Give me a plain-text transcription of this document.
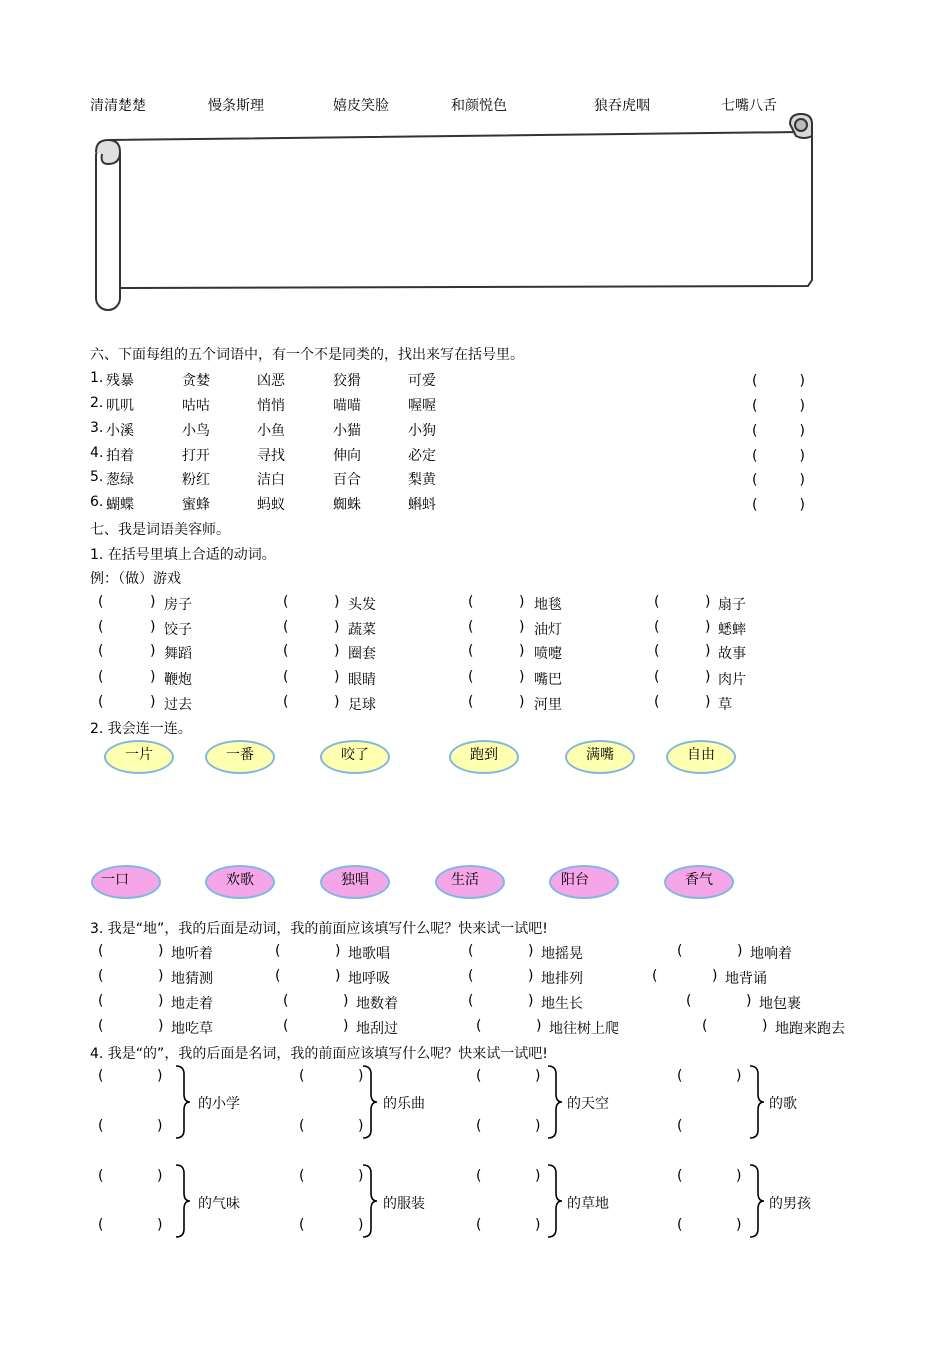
清清楚楚	慢条斯理	嬉皮笑脸	和颜悦色	狼吞虎咽	七嘴八舌
六、下面每组的五个词语中，有一个不是同类的，找出来写在括号里。
1. 残暴	贪婪	凶恶	狡猾	可爱	(　　　)
2. 叽叽	咕咕	悄悄	喵喵	喔喔	(　　　)
3. 小溪	小鸟	小鱼	小猫	小狗	(　　　)
4. 拍着	打开	寻找	伸向	必定	(　　　)
5. 葱绿	粉红	洁白	百合	梨黄	(　　　)
6. 蝴蝶	蜜蜂	蚂蚁	蜘蛛	蝌蚪	(　　　)
七、我是词语美容师。
1. 在括号里填上合适的动词。
例：（做）游戏
(	) 房子	(	) 头发	(	) 地毯	(	) 扇子
(	) 饺子	(	) 蔬菜	(	) 油灯	(	) 蟋蟀
(	) 舞蹈	(	) 圈套	(	) 喷嚏	(	) 故事
(	) 鞭炮	(	) 眼睛	(	) 嘴巴	(	) 肉片
(	) 过去	(	) 足球	(	) 河里	(	) 草
2. 我会连一连。
一片	一番	咬了	跑到	满嘴	自由
一口	欢歌	独唱	生活	阳台	香气
3. 我是“地”，我的后面是动词，我的前面应该填写什么呢？快来试一试吧!
(	) 地听着	(	) 地歌唱	(	) 地摇晃	(	) 地响着
(	) 地猜测	(	) 地呼吸	(	) 地排列	(	) 地背诵
(	) 地走着	(	) 地数着	(	) 地生长	(	) 地包裹
(	) 地吃草	(	) 地刮过	(	) 地往树上爬	(	) 地跑来跑去
4. 我是“的”，我的后面是名词，我的前面应该填写什么呢？快来试一试吧!
(	)
(	)
的小学
(	)
(	)
的乐曲
(	)
(	)
的天空
(	)
(
的歌
(	)
(	)
的气味
(	)
(	)
的服装
(	)
(	)
的草地
(	)
(	)
的男孩
